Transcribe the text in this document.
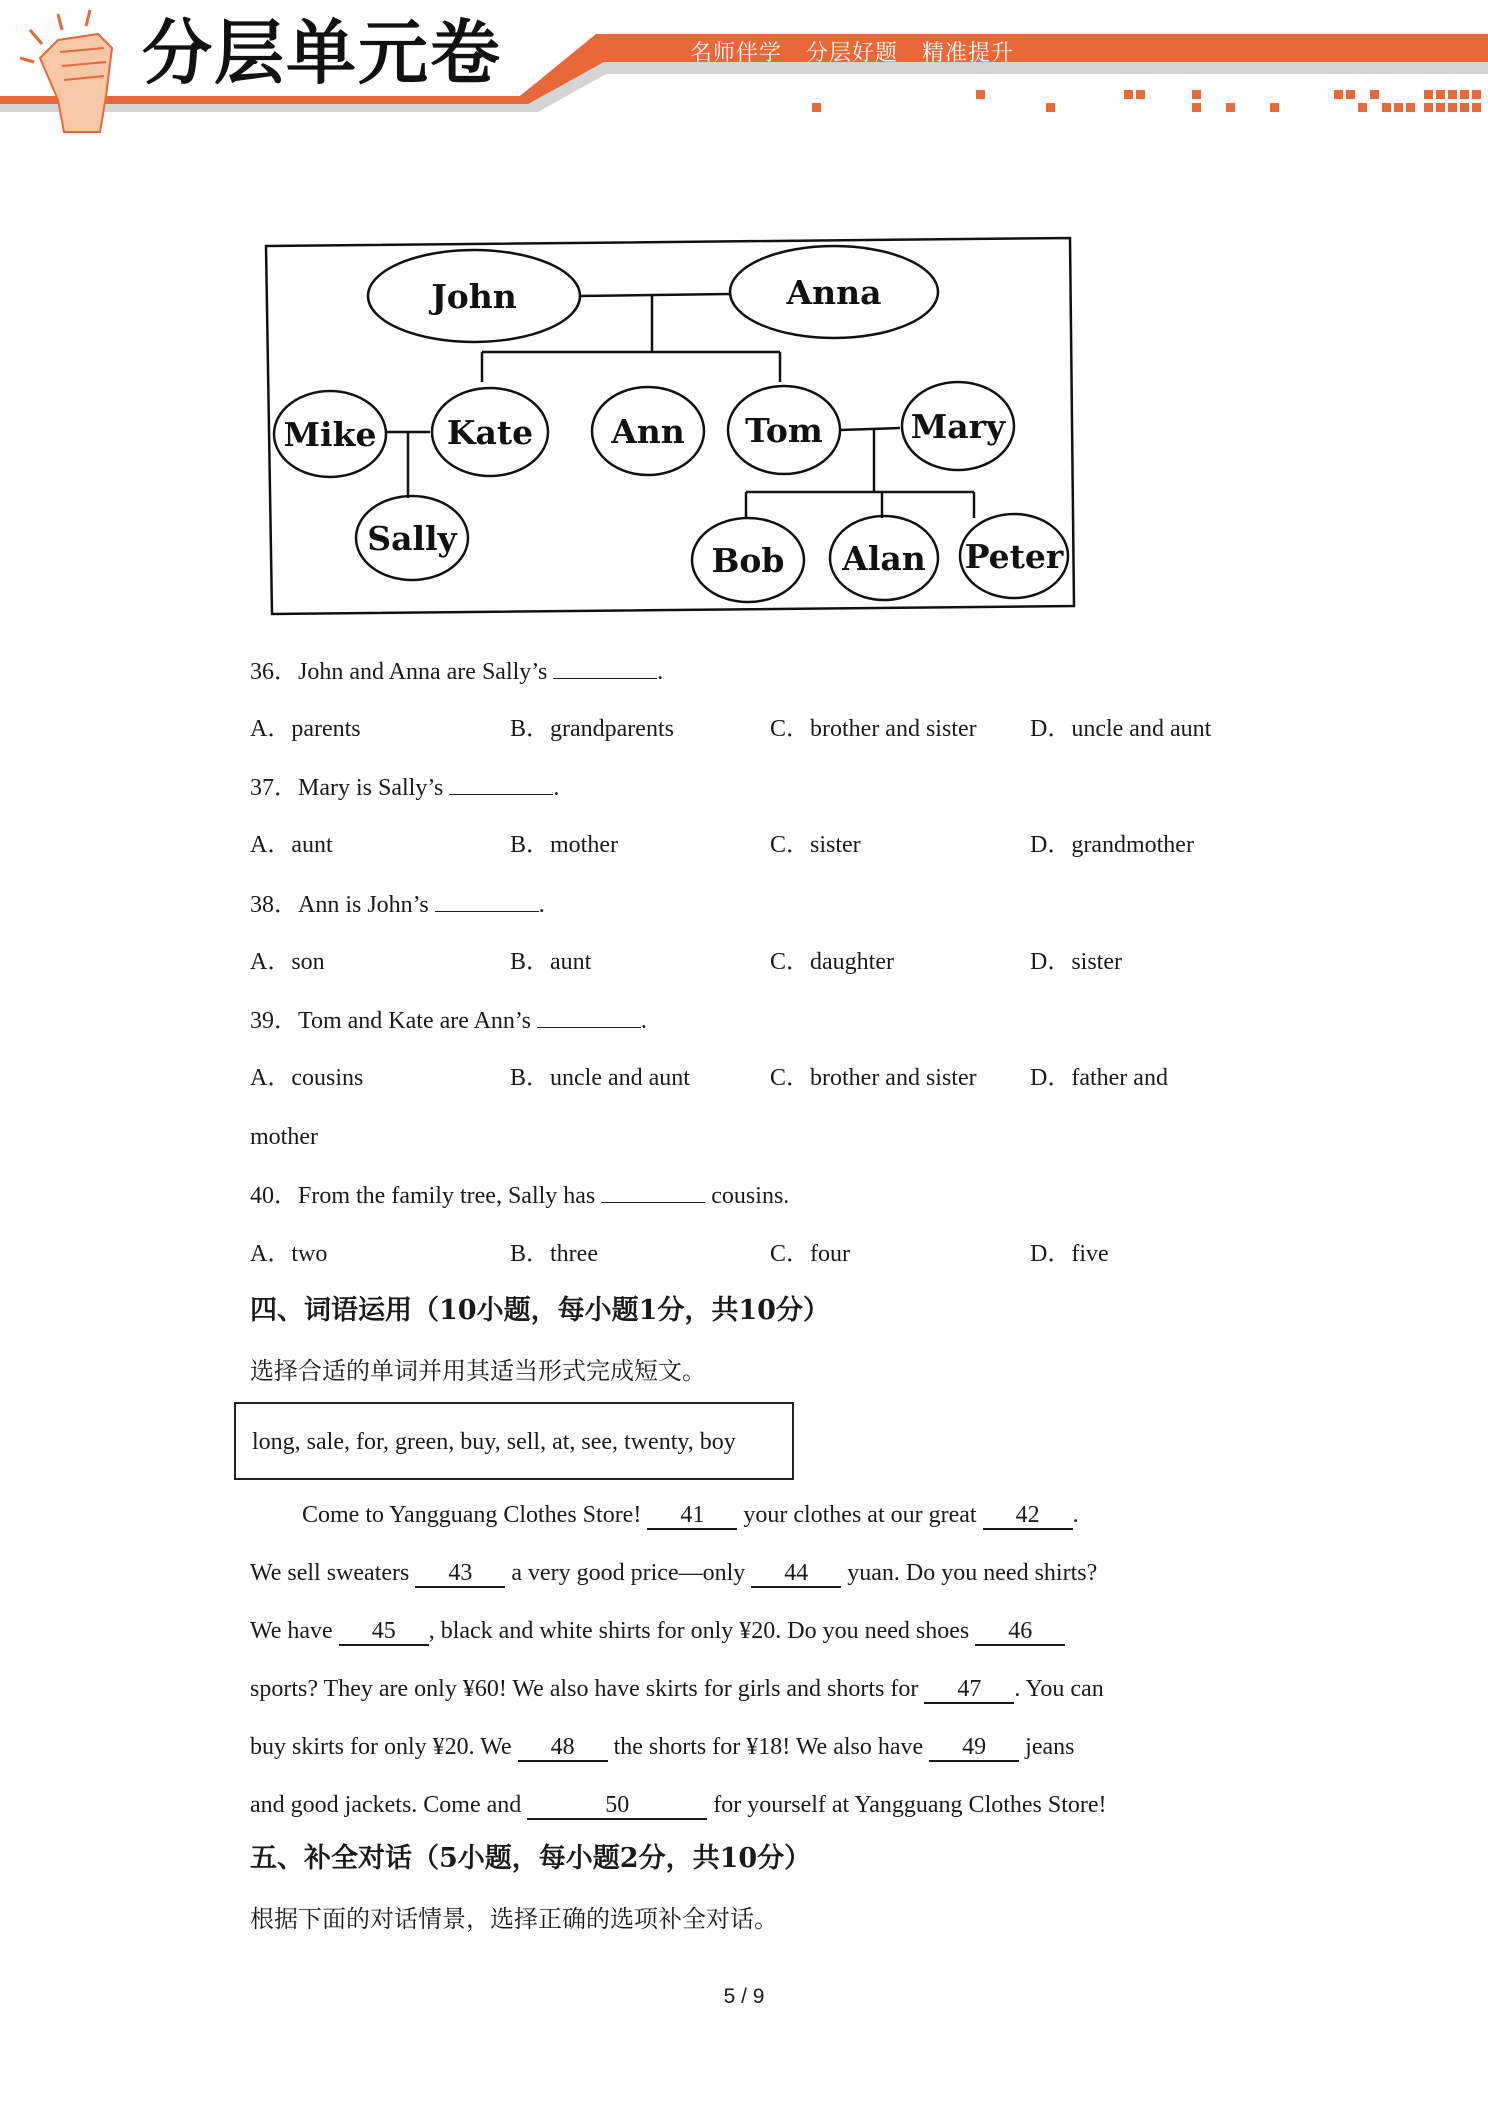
分层单元卷	名师伴学   分层好题   精准提升
John	Anna
Mike Kate Ann Tom	Mary
Sally
Bob Alan Peter
36．John and Anna are Sally’s	.
A．parents	B．grandparents	C．brother and sister D．uncle and aunt
37．Mary is Sally’s	.
A．aunt	B．mother	C．sister	D．grandmother
38．Ann is John’s	.
A．son	B．aunt	C．daughter	D．sister
39．Tom and Kate are Ann’s	.
A．cousins	B．uncle and aunt	C．brother and sister D．father and
mother
40．From the family tree, Sally has	cousins.
A．two	B．three	C．four	D．five
四、词语运用（10小题，每小题1分，共10分）
选择合适的单词并用其适当形式完成短文。
long, sale, for, green, buy, sell, at, see, twenty, boy
Come to Yangguang Clothes Store! 41 your clothes at our great 42 .
We sell sweaters 43 a very good price—only 44 yuan. Do you need shirts?
We have 45 , black and white shirts for only ¥20. Do you need shoes 46
sports? They are only ¥60! We also have skirts for girls and shorts for 47 . You can
buy skirts for only ¥20. We 48 the shorts for ¥18! We also have 49 jeans
and good jackets. Come and	50	for yourself at Yangguang Clothes Store!
五、补全对话（5小题，每小题2分，共10分）
根据下面的对话情景，选择正确的选项补全对话。
5 / 9
